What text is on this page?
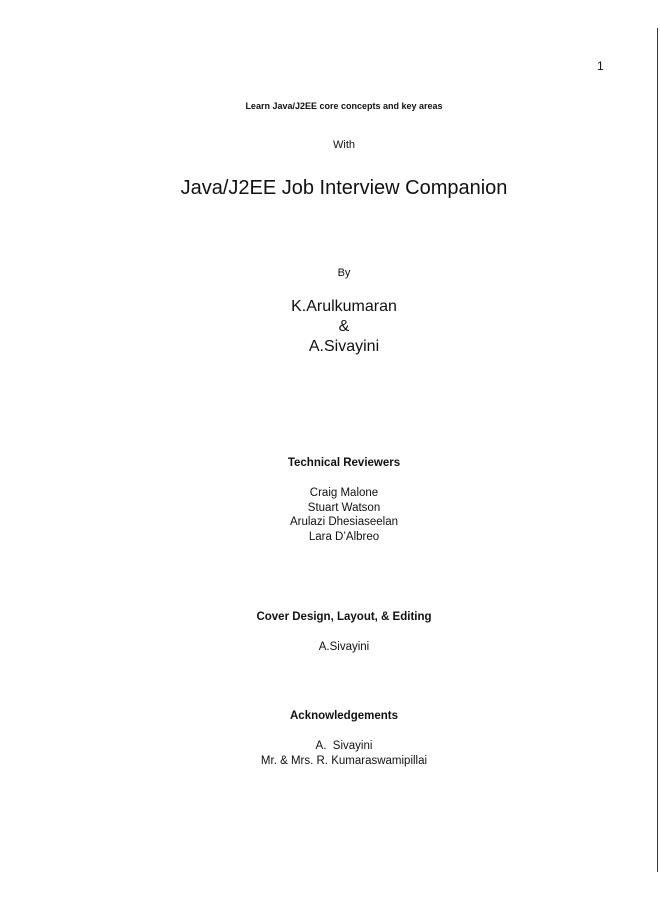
1
Learn Java/J2EE core concepts and key areas
With
Java/J2EE Job Interview Companion
By
K.Arulkumaran
&
A.Sivayini
Technical Reviewers
Craig Malone
Stuart Watson
Arulazi Dhesiaseelan
Lara D’Albreo
Cover Design, Layout, & Editing
A.Sivayini
Acknowledgements
A.  Sivayini
Mr. & Mrs. R. Kumaraswamipillai
